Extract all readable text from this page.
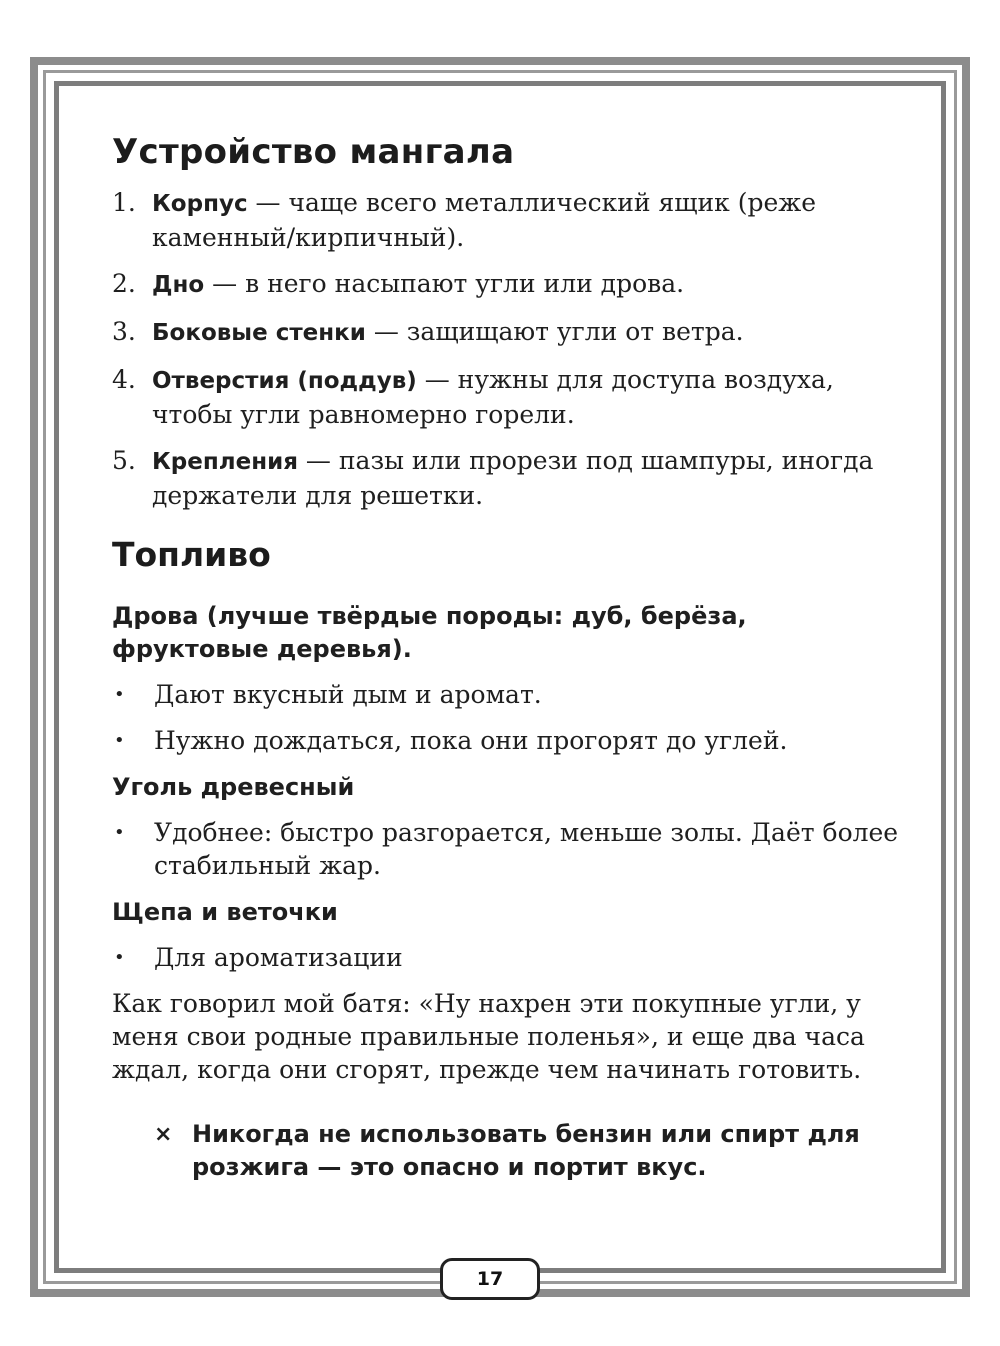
Устройство мангала
1. Корпус — чаще всего металлический ящик (реже каменный/кирпичный).
2. Дно — в него насыпают угли или дрова.
3. Боковые стенки — защищают угли от ветра.
4. Отверстия (поддув) — нужны для доступа воздуха, чтобы угли равномерно горели.
5. Крепления — пазы или прорези под шампуры, иногда держатели для решетки.
Топливо

Дрова (лучше твёрдые породы: дуб, берёза, фруктовые деревья).

•	Дают вкусный дым и аромат.
•	Нужно дождаться, пока они прогорят до углей.

Уголь древесный

•	Удобнее: быстро разгорается, меньше золы. Даёт более стабильный жар.

Щепа и веточки

•	Для ароматизации

Как говорил мой батя: «Ну нахрен эти покупные угли, у меня свои родные правильные поленья», и еще два часа ждал, когда они сгорят, прежде чем начинать готовить.

× Никогда не использовать бензин или спирт для розжига — это опасно и портит вкус.
17
